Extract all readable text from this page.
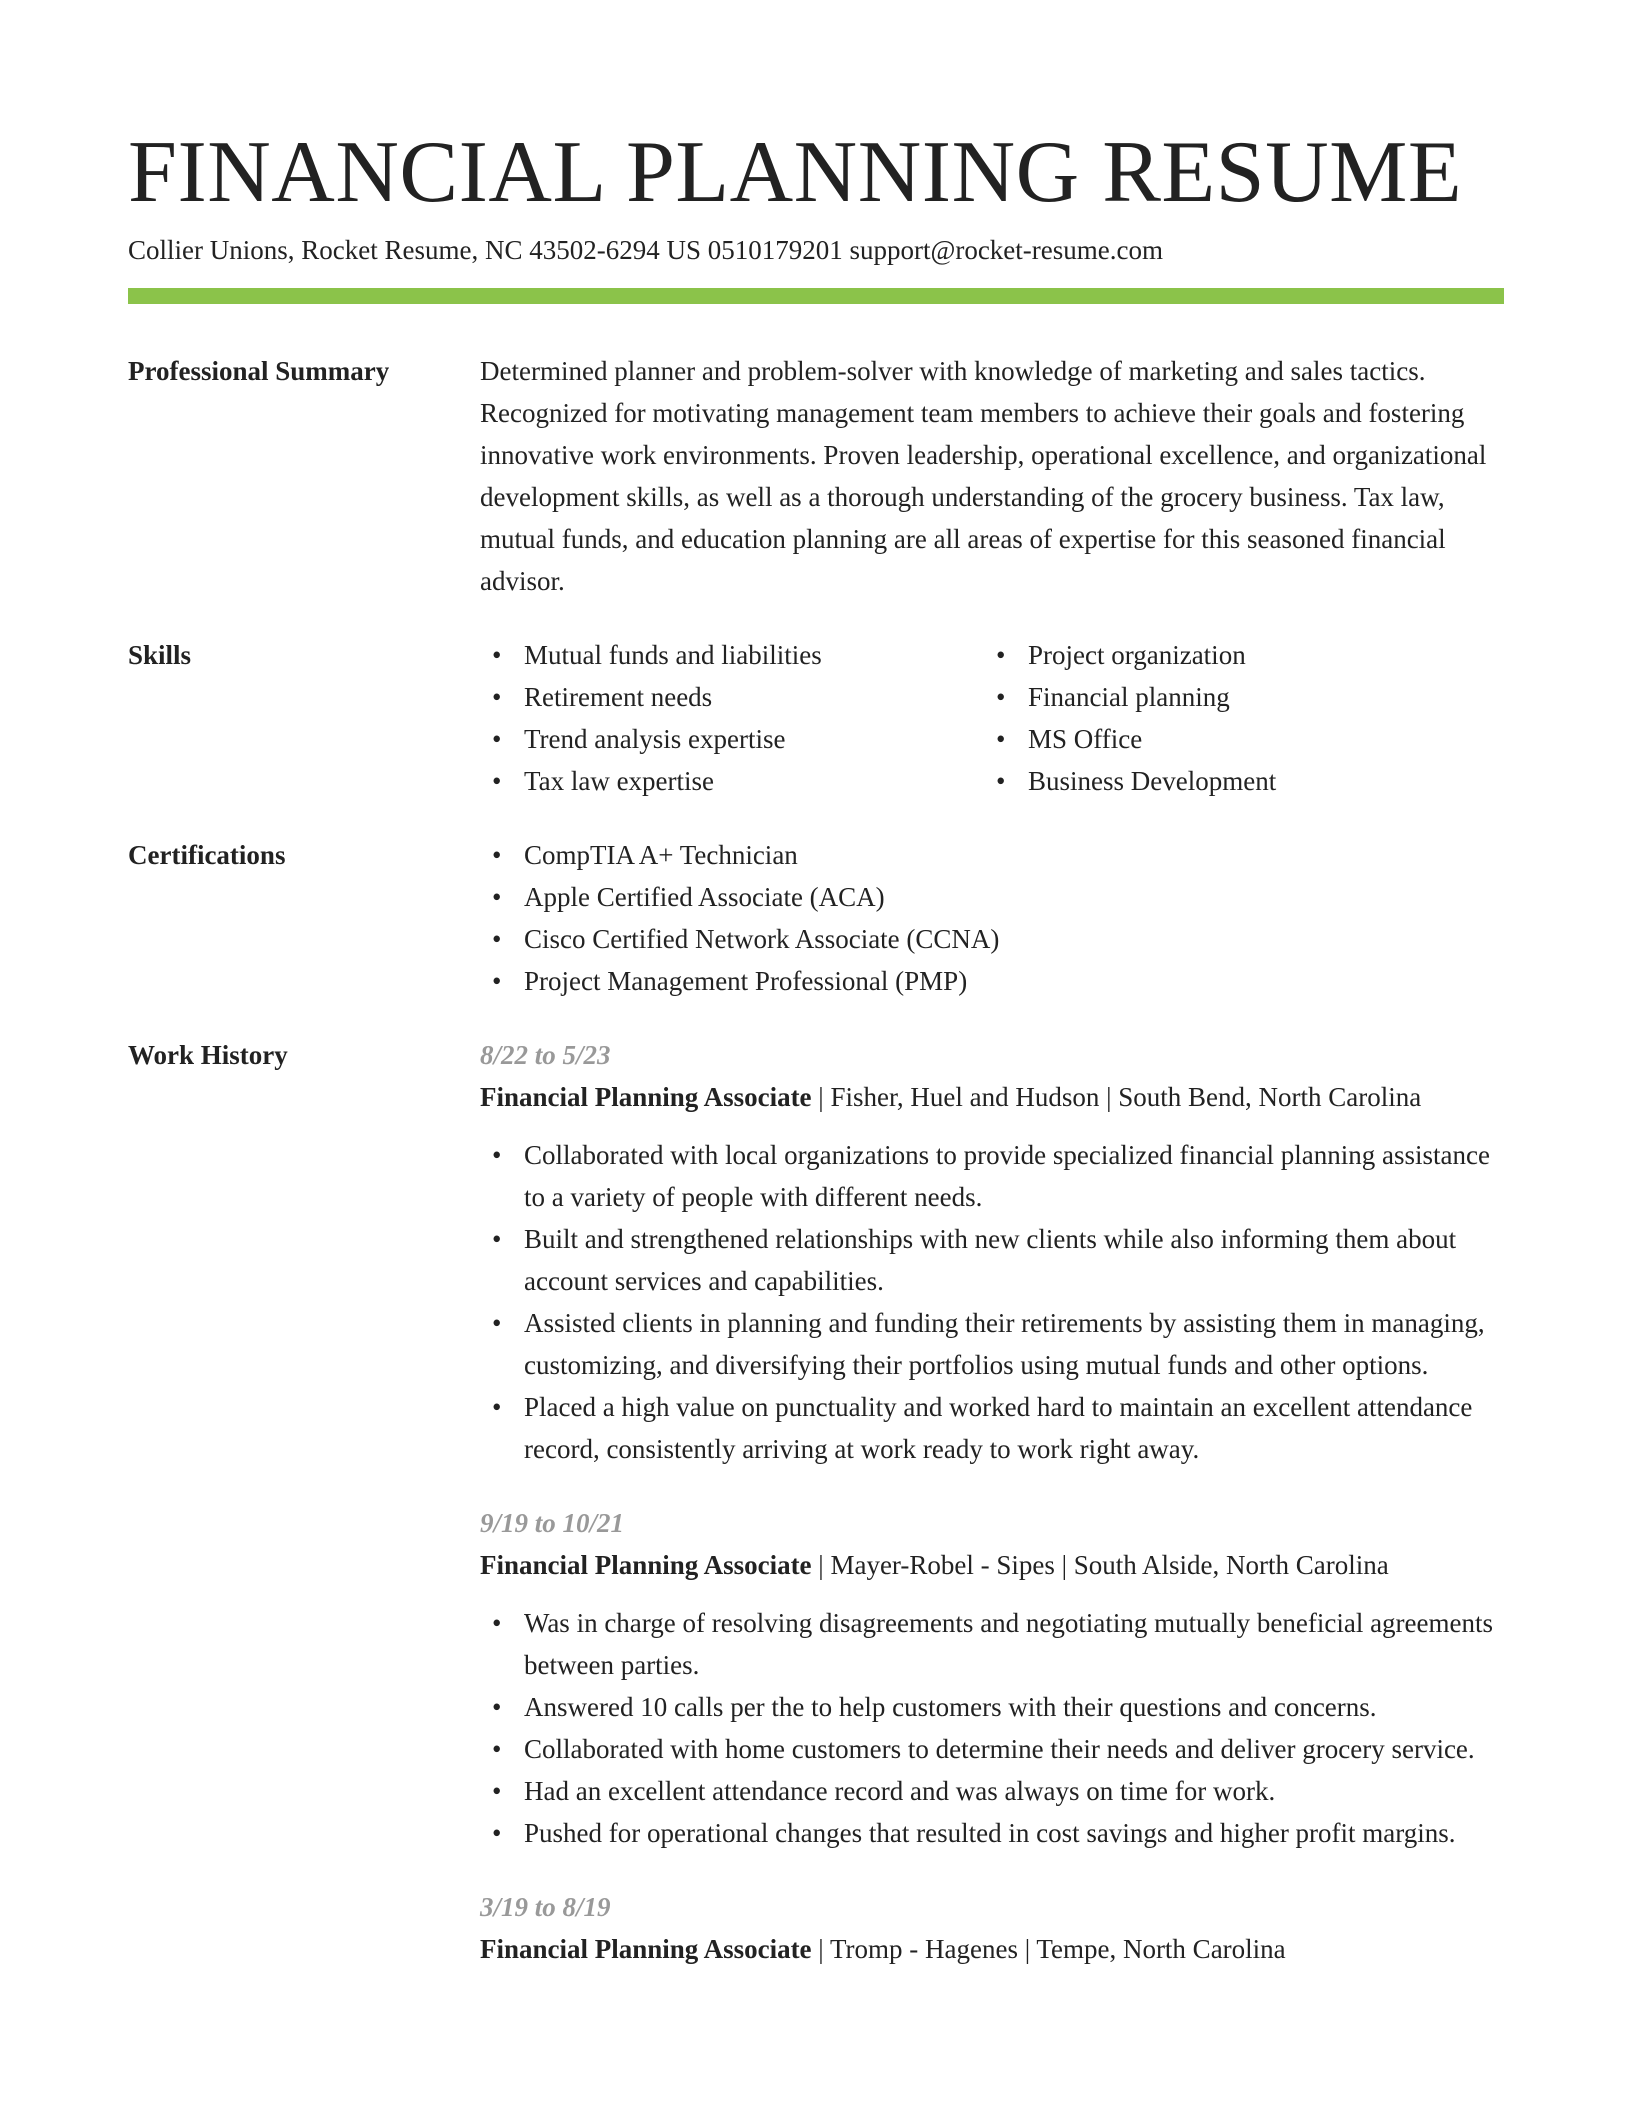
FINANCIAL PLANNING RESUME
Collier Unions, Rocket Resume, NC 43502-6294 US 0510179201 support@rocket-resume.com
Professional Summary	Determined planner and problem-solver with knowledge of marketing and sales tactics. Recognized for motivating management team members to achieve their goals and fostering innovative work environments. Proven leadership, operational excellence, and organizational development skills, as well as a thorough understanding of the grocery business. Tax law, mutual funds, and education planning are all areas of expertise for this seasoned financial advisor.
Skills	• Mutual funds and liabilities
• Retirement needs
• Trend analysis expertise
• Tax law expertise
• Project organization
• Financial planning
• MS Office
• Business Development
Certifications	• CompTIA A+ Technician
• Apple Certified Associate (ACA)
• Cisco Certified Network Associate (CCNA)
• Project Management Professional (PMP)
Work History	8/22 to 5/23
Financial Planning Associate | Fisher, Huel and Hudson | South Bend, North Carolina
• Collaborated with local organizations to provide specialized financial planning assistance to a variety of people with different needs.
• Built and strengthened relationships with new clients while also informing them about account services and capabilities.
• Assisted clients in planning and funding their retirements by assisting them in managing, customizing, and diversifying their portfolios using mutual funds and other options.
• Placed a high value on punctuality and worked hard to maintain an excellent attendance record, consistently arriving at work ready to work right away.
9/19 to 10/21
Financial Planning Associate | Mayer-Robel - Sipes | South Alside, North Carolina
• Was in charge of resolving disagreements and negotiating mutually beneficial agreements between parties.
• Answered 10 calls per the to help customers with their questions and concerns.
• Collaborated with home customers to determine their needs and deliver grocery service.
• Had an excellent attendance record and was always on time for work.
• Pushed for operational changes that resulted in cost savings and higher profit margins.
3/19 to 8/19
Financial Planning Associate | Tromp - Hagenes | Tempe, North Carolina
